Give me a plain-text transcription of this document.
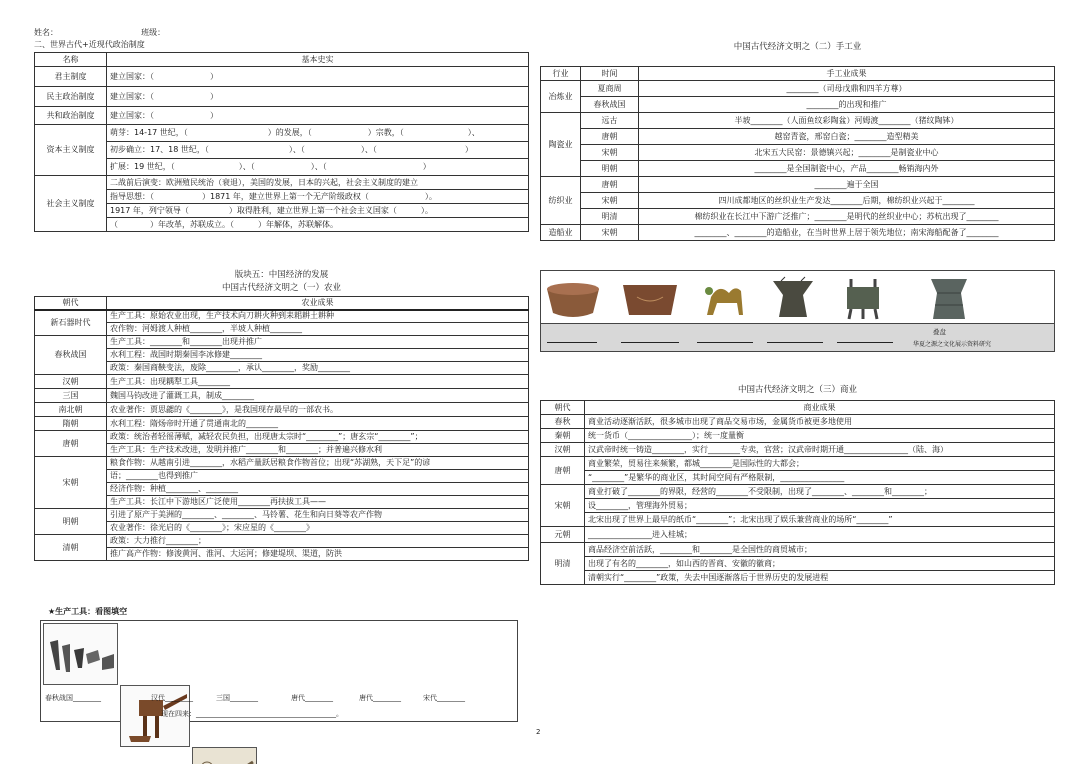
姓名：	班级：
二、世界古代+近现代政治制度
名称	基本史实
君主制度	建立国家：（　　　　　　　）
民主政治制度	建立国家：（　　　　　　　）
共和政治制度	建立国家：（　　　　　　　）
资本主义制度	萌芽：14-17 世纪，（　　　　　　　　　　）的发展，（　　　　　　　）宗教，（　　　　　　　　）、
	初步确立：17、18 世纪，（　　　　　　　　　　）、（　　　　　　　）、（　　　　　　　　　　　）
	扩展：19 世纪，（　　　　　　　　）、（　　　　　　　）、（　　　　　　　　　　　　）
社会主义制度	二战前后演变：欧洲殖民统治（衰退），美国的发展，日本的兴起，社会主义制度的建立
	指导思想：（　　　　　　）1871 年，建立世界上第一个无产阶级政权（　　　　　　　）。
	1917 年，列宁领导（　　　　　）取得胜利，建立世界上第一个社会主义国家（　　　）。
	（　　　　）年改革，苏联成立。（　　　）年解体，苏联解体。
版块五：中国经济的发展
中国古代经济文明之（一）农业
朝代	农业成果
新石器时代	生产工具：原始农业出现，生产技术向刀耕火种到耒耜耕土耕种
	农作物：河姆渡人种植________，半坡人种植________
春秋战国	生产工具：________和________出现并推广
	水利工程：战国时期秦国李冰修建________
	政策：秦国商鞅变法，废除________，承认________，奖励________
汉朝	生产工具：出现耦犁工具________
三国	魏国马钧改进了灌溉工具，制成________
南北朝	农业著作：贾思勰的《________》，是我国现存最早的一部农书。
隋朝	水利工程：隋炀帝时开通了贯通南北的________
唐朝	政策：统治者轻徭薄赋，减轻农民负担，出现唐太宗时“________”；唐玄宗“________”；
	生产工具：生产技术改进，发明并推广________和________；并普遍兴修水利
宋朝	粮食作物：从越南引进________，水稻产量跃居粮食作物首位；出现“苏湖熟，天下足”的谚
	语；________也得到推广
	经济作物：种植________、________
	生产工具：长江中下游地区广泛使用________再扶拔工具——
明朝	引进了原产于美洲的________、________、马铃薯、花生和向日葵等农产作物
	农业著作：徐光启的《________》；宋应星的《________》
清朝	政策：大力推行________；
	推广高产作物：修浚黄河、淮河、大运河；修建堤坝、渠道，防洪
★生产工具：看图填空
春秋战国________	汉代________	三国________	唐代________	唐代________	宋代________
现在四来：________________________________________。
中国古代经济文明之（二）手工业
行业	时间	手工业成果
冶炼业	夏商周	________（司母戊鼎和四羊方尊）
	春秋战国	________的出现和推广
陶瓷业	远古	半坡________（人面鱼纹彩陶盆）河姆渡________（猪纹陶钵）
	唐朝	越窑青瓷，邢窑白瓷；________造型精美
	宋朝	北宋五大民窑：景德镇兴起；________是制瓷业中心
	明朝	________是全国制瓷中心，产品________畅销海内外
纺织业	唐朝	________遍于全国
	宋朝	四川成都地区的丝织业生产发达________后期，棉纺织业兴起于________
	明清	棉纺织业在长江中下游广泛推广；________是明代的丝织业中心；苏杭出现了________
造船业	宋朝	________、________的造船业，在当时世界上居于领先地位；南宋海船配备了________
叠盘
华夏之源之文化展示资料研究
中国古代经济文明之（三）商业
朝代	商业成果
春秋	商业活动逐渐活跃，很多城市出现了商品交易市场，金属货币被更多地使用
秦朝	统一货币（________________）；统一度量衡
汉朝	汉武帝时统一铸造________，实行________专卖，官营；汉武帝时期开通________________（陆、海）
唐朝	商业繁荣，贸易往来频繁，都城________是国际性的大都会；
	“________”是繁华的商业区，其时间空间有严格限制，________________
宋朝	商业打破了________的界限，经营的________不受限制，出现了________、________和________；
	设________，管理海外贸易；
	北宋出现了世界上最早的纸币“________”；北宋出现了娱乐兼营商业的场所“________”
元朝	________________进入桂城；
明清	商品经济空前活跃，________和________是全国性的商贸城市；
	出现了有名的________，如山西的晋商、安徽的徽商；
	清朝实行“________”政策，失去中国逐渐落后于世界历史的发展进程
2
